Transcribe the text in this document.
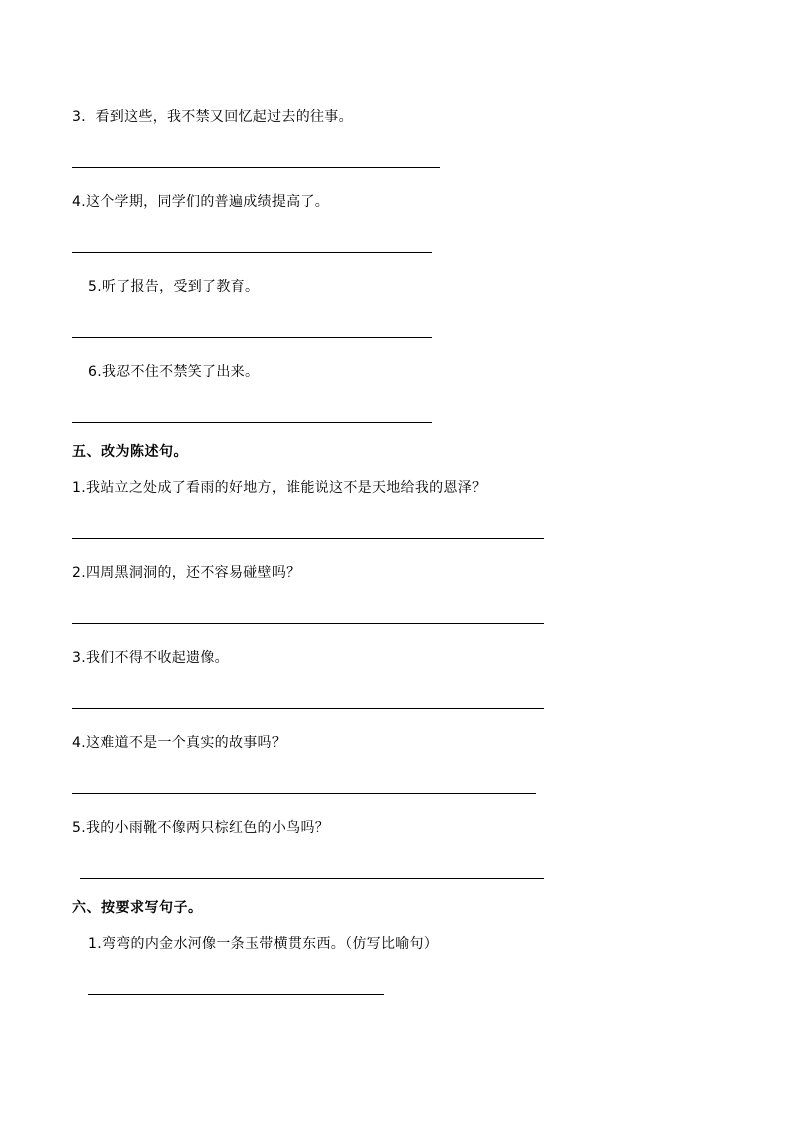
3．看到这些，我不禁又回忆起过去的往事。
4.这个学期，同学们的普遍成绩提高了。
5.听了报告，受到了教育。
6.我忍不住不禁笑了出来。
五、改为陈述句。
1.我站立之处成了看雨的好地方，谁能说这不是天地给我的恩泽？
2.四周黑洞洞的，还不容易碰壁吗？
3.我们不得不收起遗像。
4.这难道不是一个真实的故事吗？
5.我的小雨靴不像两只棕红色的小鸟吗？
六、按要求写句子。
1.弯弯的内金水河像一条玉带横贯东西。（仿写比喻句）
